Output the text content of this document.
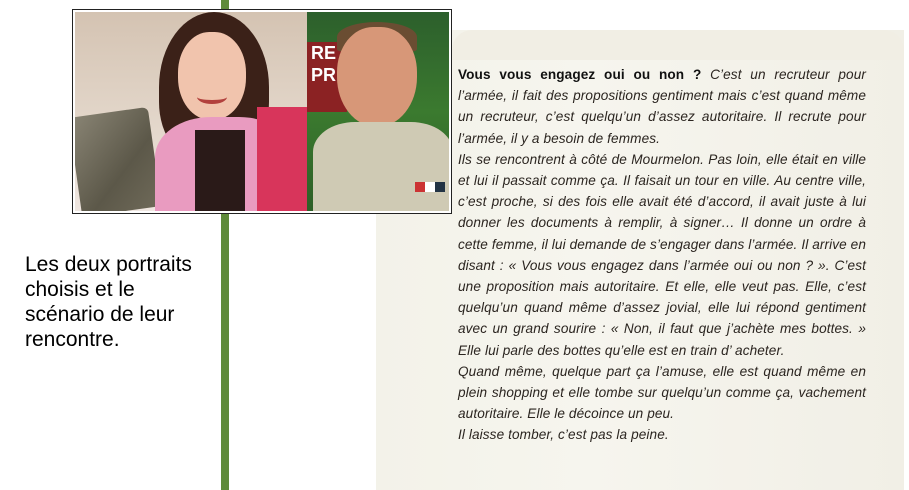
RE
PR
Les deux portraits choisis et le scénario de leur rencontre.

Vous vous engagez oui ou non ? C’est un recruteur pour l’armée, il fait des propositions gentiment mais c’est quand même un recruteur, c’est quelqu’un d’assez autoritaire. Il recrute pour l’armée, il y a besoin de femmes.

Ils se rencontrent à côté de Mourmelon. Pas loin, elle était en ville et lui il passait comme ça. Il faisait un tour en ville. Au centre ville, c’est proche, si des fois elle avait été d’accord, il avait juste à lui donner les documents à remplir, à signer… Il donne un ordre à cette femme, il lui demande de s’engager dans l’armée. Il arrive en disant : « Vous vous engagez dans l’armée oui ou non ? ». C’est une proposition mais autoritaire. Et elle, elle veut pas. Elle, c’est quelqu’un quand même d’assez jovial, elle lui répond gentiment avec un grand sourire : « Non, il faut que j’achète mes bottes. » Elle lui parle des bottes qu’elle est en train d’ acheter.

Quand même, quelque part ça l’amuse, elle est quand même en plein shopping et elle tombe sur quelqu’un comme ça, vachement autoritaire. Elle le décoince un peu.

Il laisse tomber, c’est pas la peine.
